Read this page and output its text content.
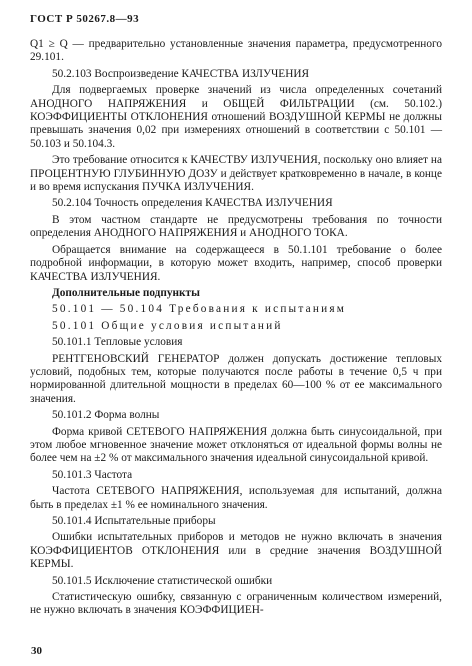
ГОСТ Р 50267.8—93

Q1 ≥ Q — предварительно установленные значения параметра, предусмотренного 29.101.

50.2.103 Воспроизведение КАЧЕСТВА ИЗЛУЧЕНИЯ

Для подвергаемых проверке значений из числа определенных сочетаний АНОДНОГО НАПРЯЖЕНИЯ и ОБЩЕЙ ФИЛЬТРАЦИИ (см. 50.102.) КОЭФФИЦИЕНТЫ ОТКЛОНЕНИЯ отношений ВОЗДУШНОЙ КЕРМЫ не должны превышать значения 0,02 при измерениях отношений в соответствии с 50.101 — 50.103 и 50.104.3.

Это требование относится к КАЧЕСТВУ ИЗЛУЧЕНИЯ, поскольку оно влияет на ПРОЦЕНТНУЮ ГЛУБИННУЮ ДОЗУ и действует кратковременно в начале, в конце и во время испускания ПУЧКА ИЗЛУЧЕНИЯ.

50.2.104 Точность определения КАЧЕСТВА ИЗЛУЧЕНИЯ

В этом частном стандарте не предусмотрены требования по точности определения АНОДНОГО НАПРЯЖЕНИЯ и АНОДНОГО ТОКА.

Обращается внимание на содержащееся в 50.1.101 требование о более подробной информации, в которую может входить, например, способ проверки КАЧЕСТВА ИЗЛУЧЕНИЯ.

Дополнительные подпункты

50.101 — 50.104 Требования к испытаниям

50.101 Общие условия испытаний

50.101.1 Тепловые условия

РЕНТГЕНОВСКИЙ ГЕНЕРАТОР должен допускать достижение тепловых условий, подобных тем, которые получаются после работы в течение 0,5 ч при нормированной длительной мощности в пределах 60—100 % от ее максимального значения.

50.101.2 Форма волны

Форма кривой СЕТЕВОГО НАПРЯЖЕНИЯ должна быть синусоидальной, при этом любое мгновенное значение может отклоняться от идеальной формы волны не более чем на ±2 % от максимального значения идеальной синусоидальной кривой.

50.101.3 Частота

Частота СЕТЕВОГО НАПРЯЖЕНИЯ, используемая для испытаний, должна быть в пределах ±1 % ее номинального значения.

50.101.4 Испытательные приборы

Ошибки испытательных приборов и методов не нужно включать в значения КОЭФФИЦИЕНТОВ ОТКЛОНЕНИЯ или в средние значения ВОЗДУШНОЙ КЕРМЫ.

50.101.5 Исключение статистической ошибки

Статистическую ошибку, связанную с ограниченным количеством измерений, не нужно включать в значения КОЭФФИЦИЕН-

30
